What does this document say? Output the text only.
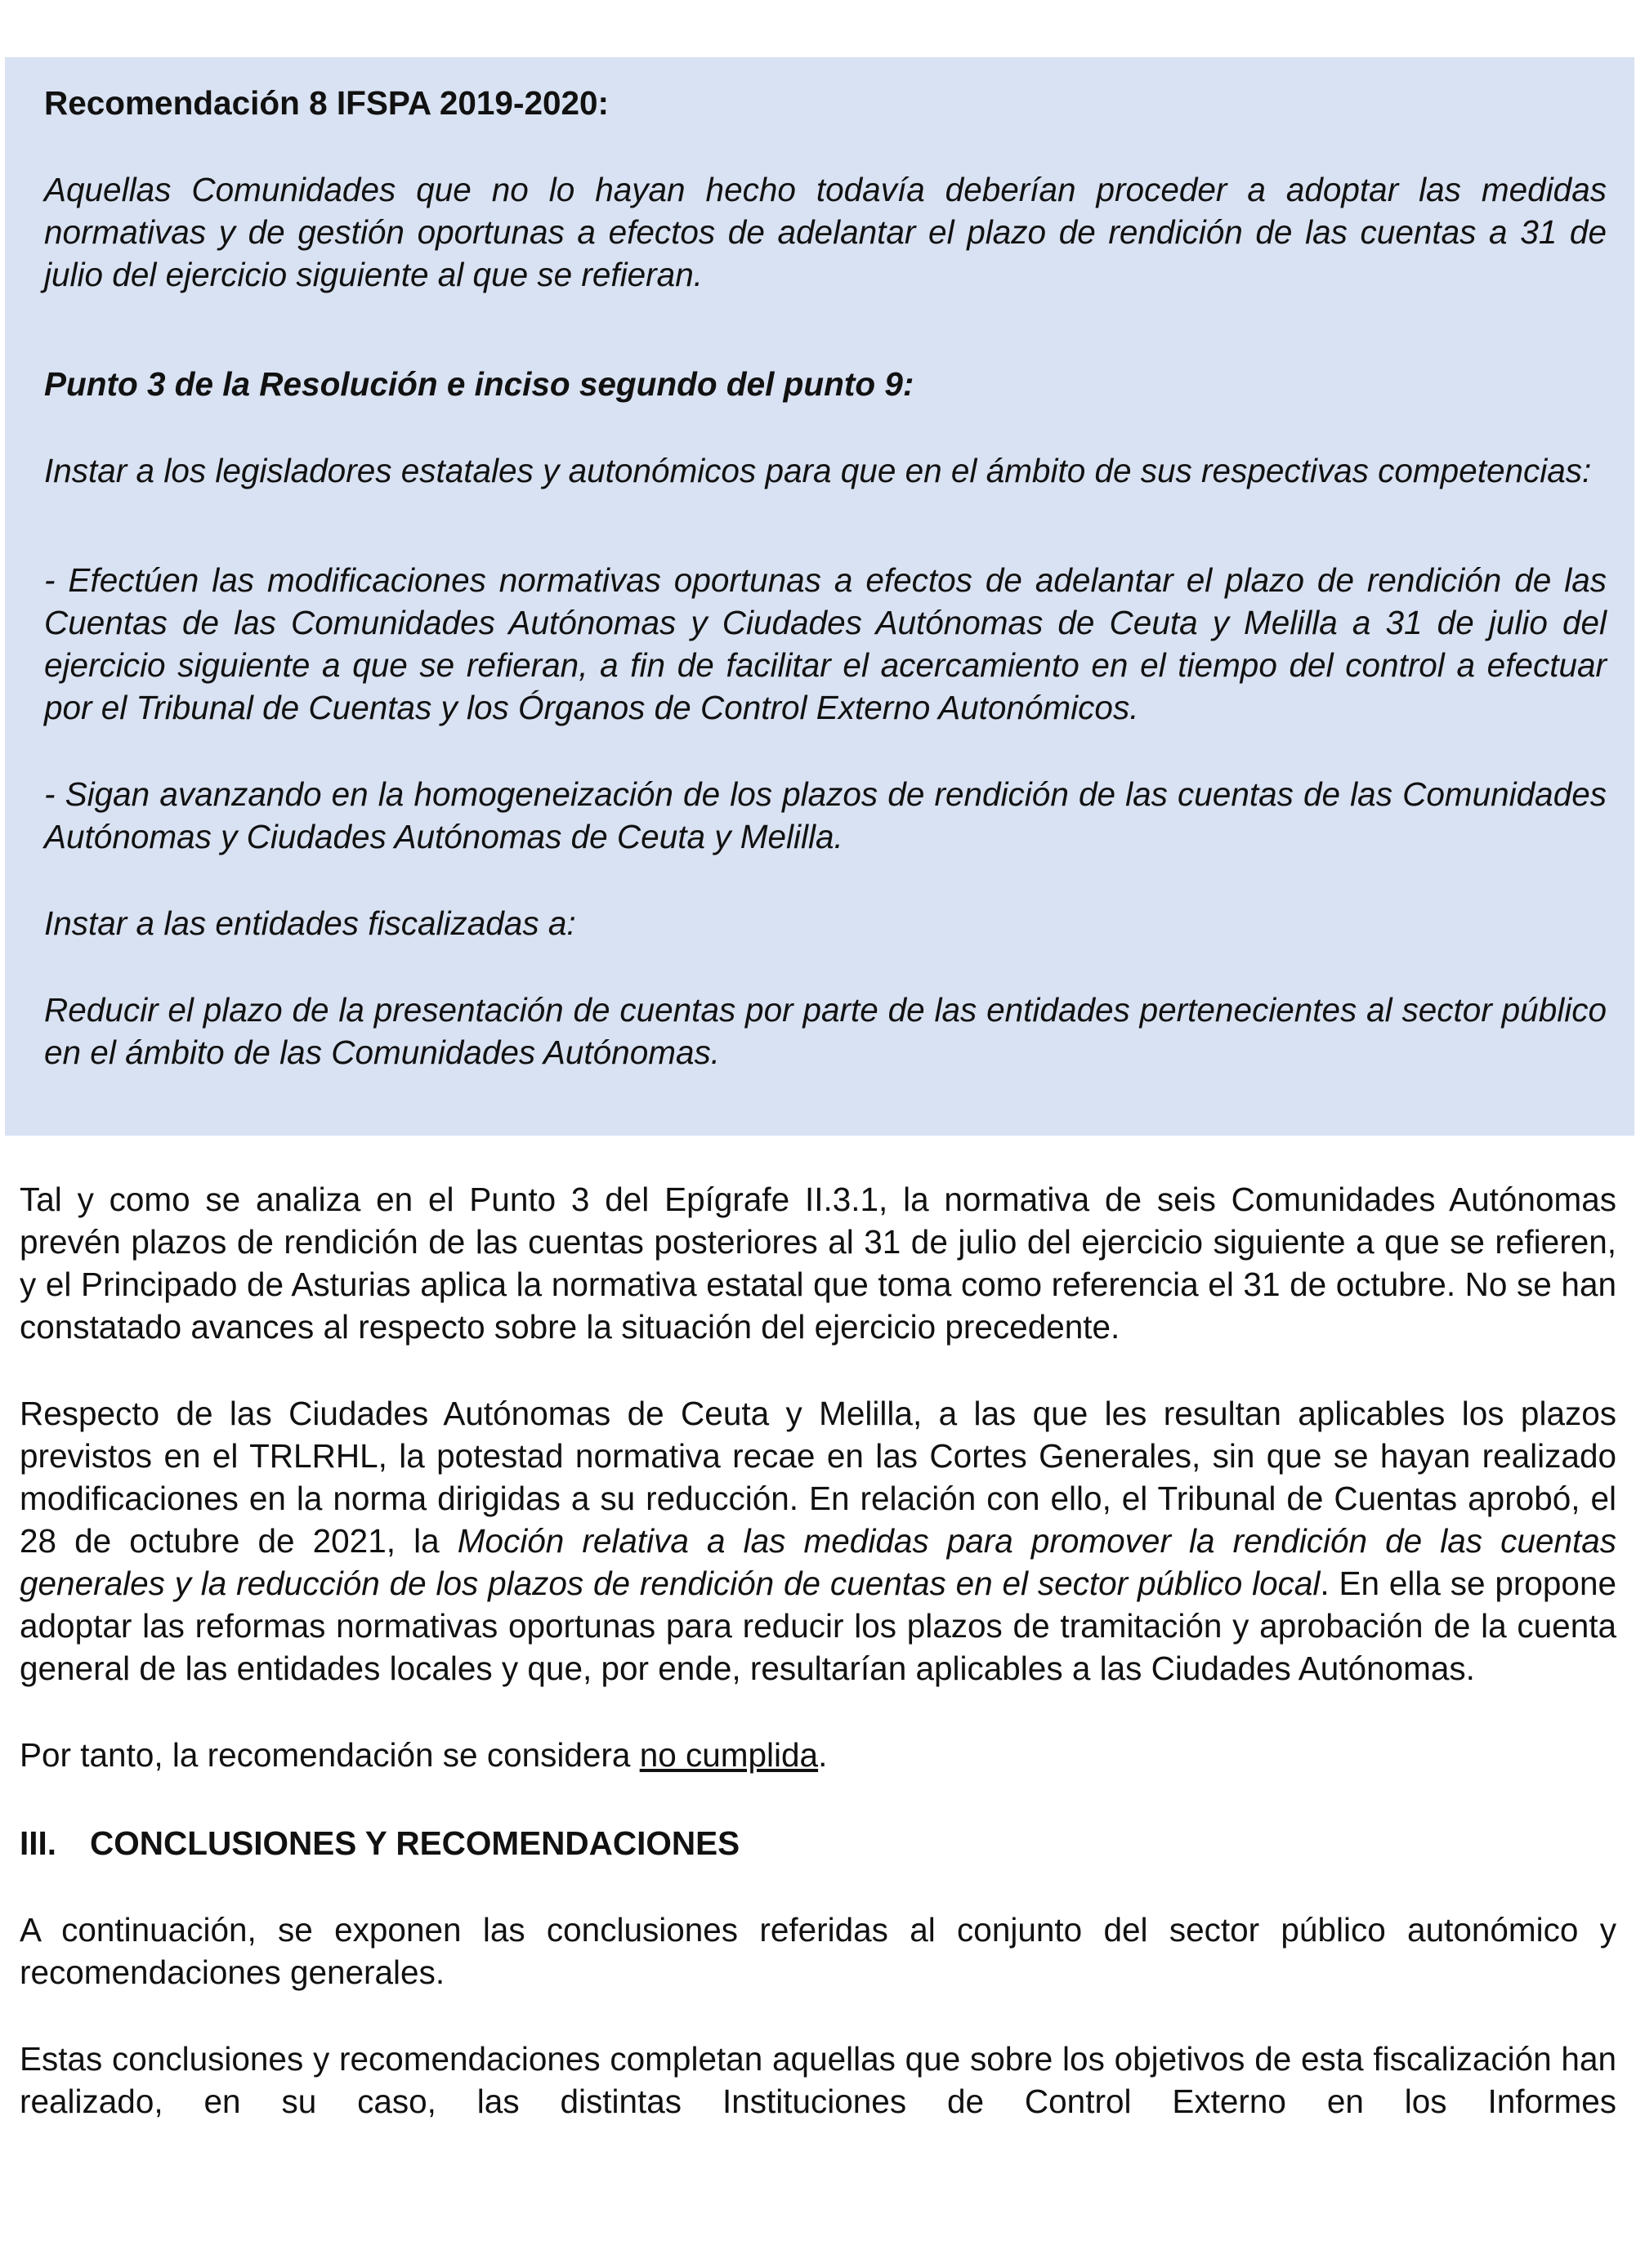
Recomendación 8 IFSPA 2019-2020:

Aquellas Comunidades que no lo hayan hecho todavía deberían proceder a adoptar las medidas normativas y de gestión oportunas a efectos de adelantar el plazo de rendición de las cuentas a 31 de julio del ejercicio siguiente al que se refieran.

Punto 3 de la Resolución e inciso segundo del punto 9:

Instar a los legisladores estatales y autonómicos para que en el ámbito de sus respectivas competencias:

- Efectúen las modificaciones normativas oportunas a efectos de adelantar el plazo de rendición de las Cuentas de las Comunidades Autónomas y Ciudades Autónomas de Ceuta y Melilla a 31 de julio del ejercicio siguiente a que se refieran, a fin de facilitar el acercamiento en el tiempo del control a efectuar por el Tribunal de Cuentas y los Órganos de Control Externo Autonómicos.

- Sigan avanzando en la homogeneización de los plazos de rendición de las cuentas de las Comunidades Autónomas y Ciudades Autónomas de Ceuta y Melilla.

Instar a las entidades fiscalizadas a:

Reducir el plazo de la presentación de cuentas por parte de las entidades pertenecientes al sector público en el ámbito de las Comunidades Autónomas.

Tal y como se analiza en el Punto 3 del Epígrafe II.3.1, la normativa de seis Comunidades Autónomas prevén plazos de rendición de las cuentas posteriores al 31 de julio del ejercicio siguiente a que se refieren, y el Principado de Asturias aplica la normativa estatal que toma como referencia el 31 de octubre. No se han constatado avances al respecto sobre la situación del ejercicio precedente.

Respecto de las Ciudades Autónomas de Ceuta y Melilla, a las que les resultan aplicables los plazos previstos en el TRLRHL, la potestad normativa recae en las Cortes Generales, sin que se hayan realizado modificaciones en la norma dirigidas a su reducción. En relación con ello, el Tribunal de Cuentas aprobó, el 28 de octubre de 2021, la Moción relativa a las medidas para promover la rendición de las cuentas generales y la reducción de los plazos de rendición de cuentas en el sector público local. En ella se propone adoptar las reformas normativas oportunas para reducir los plazos de tramitación y aprobación de la cuenta general de las entidades locales y que, por ende, resultarían aplicables a las Ciudades Autónomas.

Por tanto, la recomendación se considera no cumplida.

III.	CONCLUSIONES Y RECOMENDACIONES

A continuación, se exponen las conclusiones referidas al conjunto del sector público autonómico y recomendaciones generales.

Estas conclusiones y recomendaciones completan aquellas que sobre los objetivos de esta fiscalización han realizado, en su caso, las distintas Instituciones de Control Externo en los Informes
